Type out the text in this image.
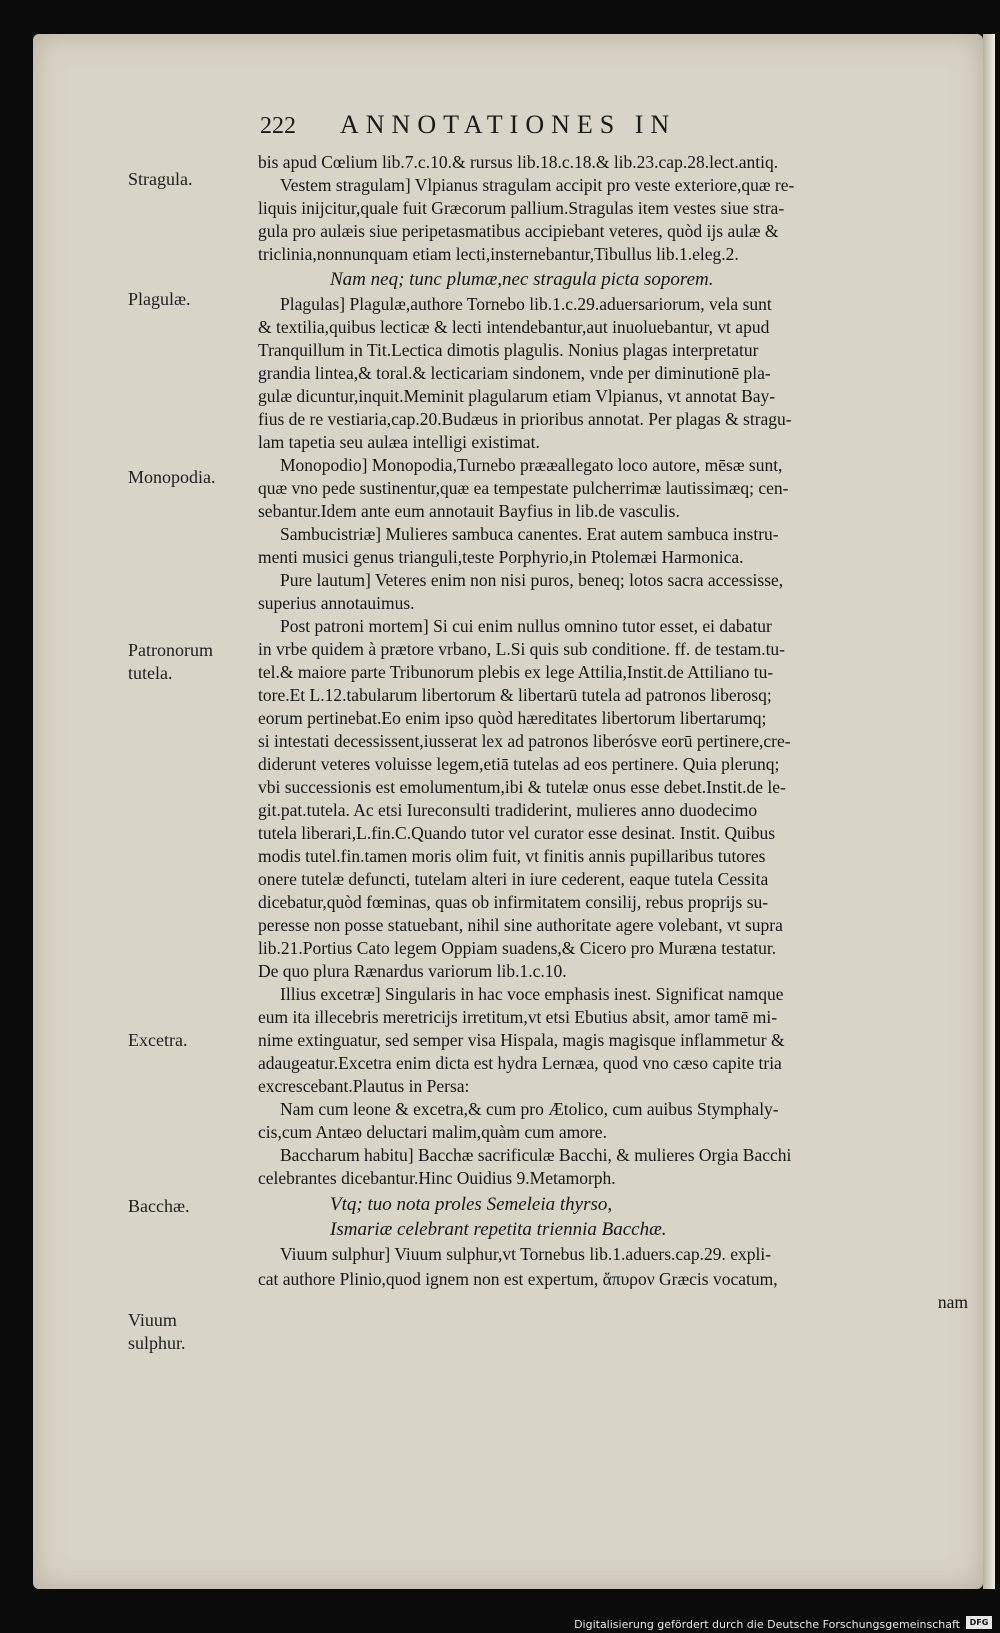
222 ANNOTATIONES IN
Stragula.
Plagulæ.
Monopodia.
Patronorum tutela.
Excetra.
Bacchæ.
Viuum sulphur.
bis apud Cœlium lib.7.c.10.& rursus lib.18.c.18.& lib.23.cap.28.lect.antiq.
Vestem stragulam] Vlpianus stragulam accipit pro veste exteriore,quæ re-
liquis inijcitur,quale fuit Græcorum pallium.Stragulas item vestes siue stra-
gula pro aulæis siue peripetasmatibus accipiebant veteres, quòd ijs aulæ &
triclinia,nonnunquam etiam lecti,insternebantur,Tibullus lib.1.eleg.2.
Nam neq; tunc plumæ,nec stragula picta soporem.
Plagulas] Plagulæ,authore Tornebo lib.1.c.29.aduersariorum, vela sunt
& textilia,quibus lecticæ & lecti intendebantur,aut inuoluebantur, vt apud
Tranquillum in Tit.Lectica dimotis plagulis. Nonius plagas interpretatur
grandia lintea,& toral.& lecticariam sindonem, vnde per diminutionē pla-
gulæ dicuntur,inquit.Meminit plagularum etiam Vlpianus, vt annotat Bay-
fius de re vestiaria,cap.20.Budæus in prioribus annotat. Per plagas & stragu-
lam tapetia seu aulæa intelligi existimat.
Monopodio] Monopodia,Turnebo prææallegato loco autore, mēsæ sunt,
quæ vno pede sustinentur,quæ ea tempestate pulcherrimæ lautissimæq; cen-
sebantur.Idem ante eum annotauit Bayfius in lib.de vasculis.
Sambucistriæ] Mulieres sambuca canentes. Erat autem sambuca instru-
menti musici genus trianguli,teste Porphyrio,in Ptolemæi Harmonica.
Pure lautum] Veteres enim non nisi puros, beneq; lotos sacra accessisse,
superius annotauimus.
Post patroni mortem] Si cui enim nullus omnino tutor esset, ei dabatur
in vrbe quidem à prætore vrbano, L.Si quis sub conditione. ff. de testam.tu-
tel.& maiore parte Tribunorum plebis ex lege Attilia,Instit.de Attiliano tu-
tore.Et L.12.tabularum libertorum & libertarū tutela ad patronos liberosq;
eorum pertinebat.Eo enim ipso quòd hæreditates libertorum libertarumq;
si intestati decessissent,iusserat lex ad patronos liberósve eorū pertinere,cre-
diderunt veteres voluisse legem,etiā tutelas ad eos pertinere. Quia plerunq;
vbi successionis est emolumentum,ibi & tutelæ onus esse debet.Instit.de le-
git.pat.tutela. Ac etsi Iureconsulti tradiderint, mulieres anno duodecimo
tutela liberari,L.fin.C.Quando tutor vel curator esse desinat. Instit. Quibus
modis tutel.fin.tamen moris olim fuit, vt finitis annis pupillaribus tutores
onere tutelæ defuncti, tutelam alteri in iure cederent, eaque tutela Cessita
dicebatur,quòd fœminas, quas ob infirmitatem consilij, rebus proprijs su-
peresse non posse statuebant, nihil sine authoritate agere volebant, vt supra
lib.21.Portius Cato legem Oppiam suadens,& Cicero pro Muræna testatur.
De quo plura Rænardus variorum lib.1.c.10.
Illius excetræ] Singularis in hac voce emphasis inest. Significat namque
eum ita illecebris meretricijs irretitum,vt etsi Ebutius absit, amor tamē mi-
nime extinguatur, sed semper visa Hispala, magis magisque inflammetur &
adaugeatur.Excetra enim dicta est hydra Lernæa, quod vno cæso capite tria
excrescebant.Plautus in Persa:
Nam cum leone & excetra,& cum pro Ætolico, cum auibus Stymphaly-
cis,cum Antæo deluctari malim,quàm cum amore.
Baccharum habitu] Bacchæ sacrificulæ Bacchi, & mulieres Orgia Bacchi
celebrantes dicebantur.Hinc Ouidius 9.Metamorph.
Vtq; tuo nota proles Semeleia thyrso,
Ismariæ celebrant repetita triennia Bacchæ.
Viuum sulphur] Viuum sulphur,vt Tornebus lib.1.aduers.cap.29. expli-
cat authore Plinio,quod ignem non est expertum, ἄπυρον Græcis vocatum,
nam
Digitalisierung gefördert durch die Deutsche Forschungsgemeinschaft	DFG
